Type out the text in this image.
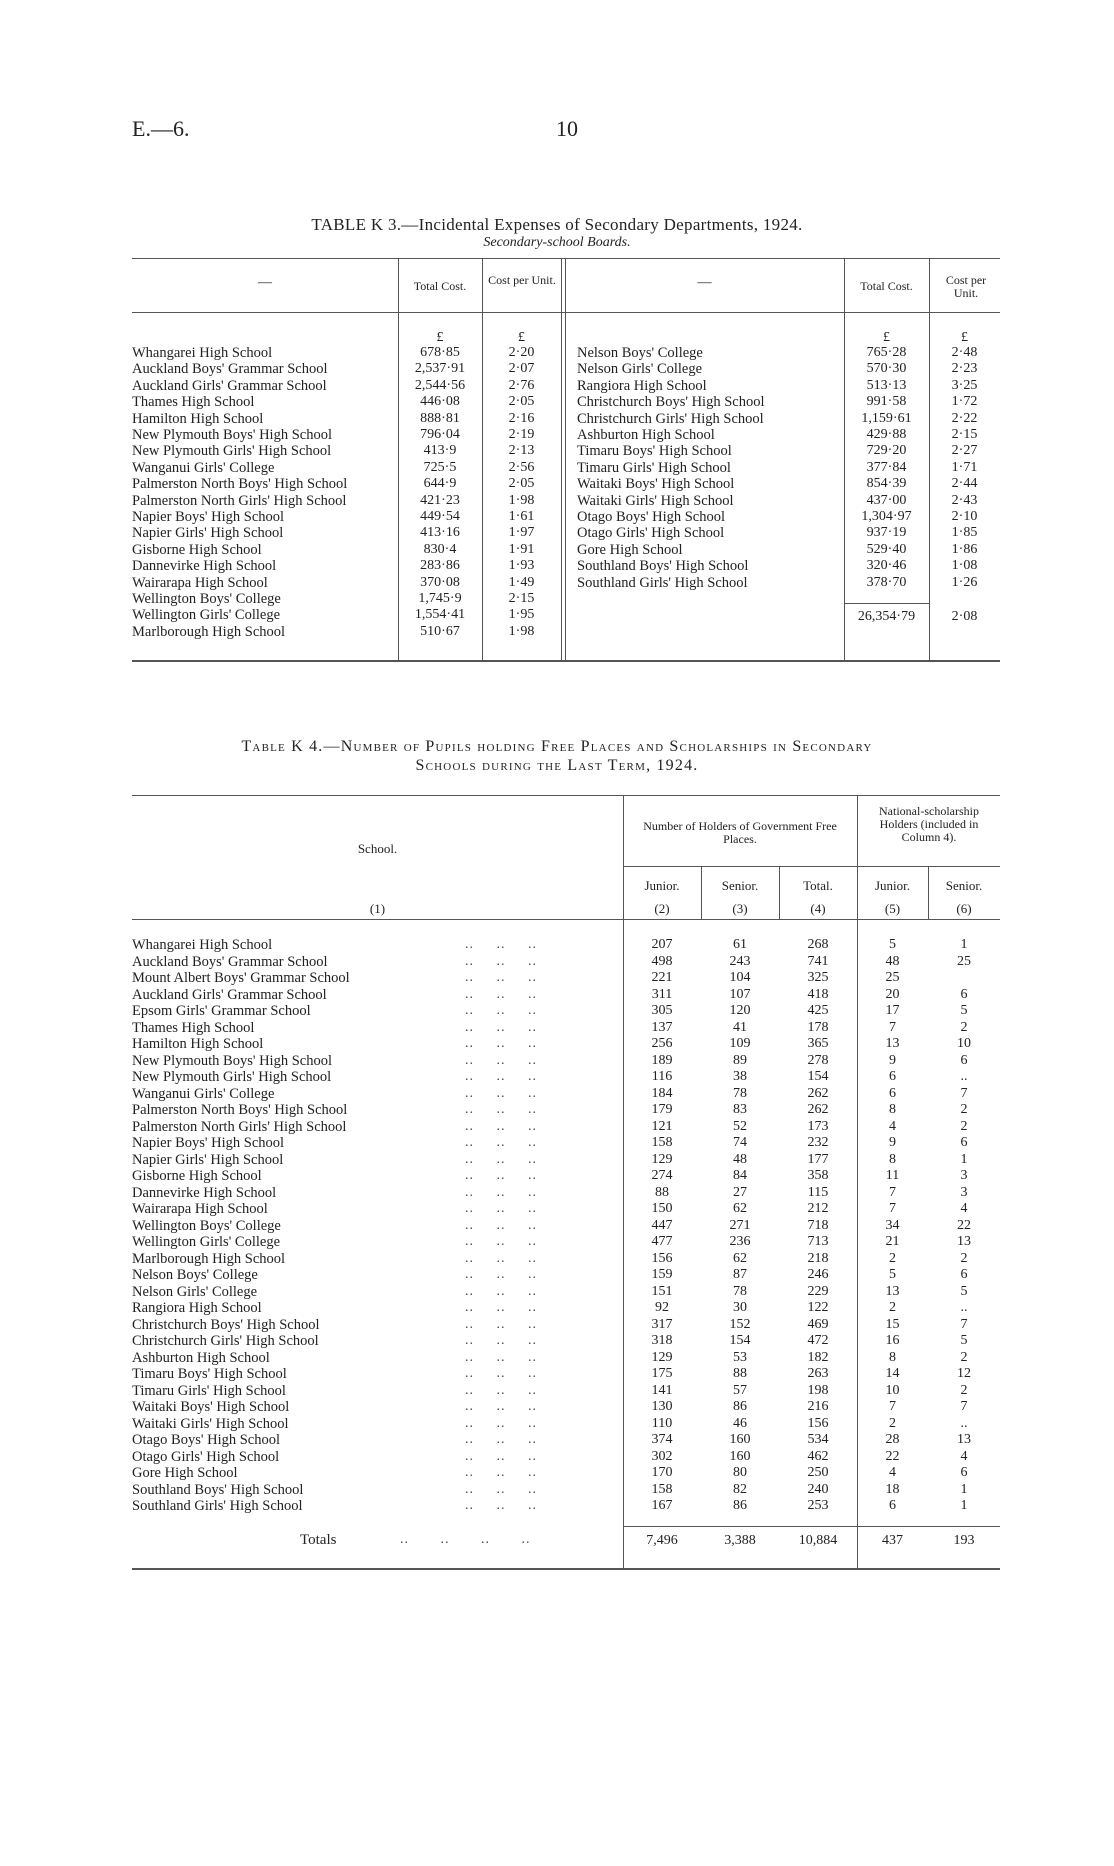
E.—6.	10
TABLE K 3.—Incidental Expenses of Secondary Departments, 1924.
Secondary-school Boards.
—	Total Cost.	Cost per Unit.	—	Total Cost.	Cost per Unit.
£	£	£	£
Whangarei High School	678·85	2·20
Auckland Boys' Grammar School	2,537·91	2·07
Auckland Girls' Grammar School	2,544·56	2·76
Thames High School	446·08	2·05
Hamilton High School	888·81	2·16
New Plymouth Boys' High School	796·04	2·19
New Plymouth Girls' High School	413·9	2·13
Wanganui Girls' College	725·5	2·56
Palmerston North Boys' High School	644·9	2·05
Palmerston North Girls' High School	421·23	1·98
Napier Boys' High School	449·54	1·61
Napier Girls' High School	413·16	1·97
Gisborne High School	830·4	1·91
Dannevirke High School	283·86	1·93
Wairarapa High School	370·08	1·49
Wellington Boys' College	1,745·9	2·15
Wellington Girls' College	1,554·41	1·95
Marlborough High School	510·67	1·98
Nelson Boys' College	765·28	2·48
Nelson Girls' College	570·30	2·23
Rangiora High School	513·13	3·25
Christchurch Boys' High School	991·58	1·72
Christchurch Girls' High School	1,159·61	2·22
Ashburton High School	429·88	2·15
Timaru Boys' High School	729·20	2·27
Timaru Girls' High School	377·84	1·71
Waitaki Boys' High School	854·39	2·44
Waitaki Girls' High School	437·00	2·43
Otago Boys' High School	1,304·97	2·10
Otago Girls' High School	937·19	1·85
Gore High School	529·40	1·86
Southland Boys' High School	320·46	1·08
Southland Girls' High School	378·70	1·26
26,354·79	2·08
Table K 4.—Number of Pupils holding Free Places and Scholarships in Secondary
Schools during the Last Term, 1924.
School.
Number of Holders of Government Free Places.
National-scholarship Holders (included in Column 4).
Junior.	Senior.	Total.	Junior.	Senior.
(1)	(2)	(3)	(4)	(5)	(6)
Whangarei High School	..     ..     ..	207	61	268	5	1
Auckland Boys' Grammar School	..     ..     ..	498	243	741	48	25
Mount Albert Boys' Grammar School	..     ..     ..	221	104	325	25
Auckland Girls' Grammar School	..     ..     ..	311	107	418	20	6
Epsom Girls' Grammar School	..     ..     ..	305	120	425	17	5
Thames High School	..     ..     ..	137	41	178	7	2
Hamilton High School	..     ..     ..	256	109	365	13	10
New Plymouth Boys' High School	..     ..     ..	189	89	278	9	6
New Plymouth Girls' High School	..     ..     ..	116	38	154	6	..
Wanganui Girls' College	..     ..     ..	184	78	262	6	7
Palmerston North Boys' High School	..     ..     ..	179	83	262	8	2
Palmerston North Girls' High School	..     ..     ..	121	52	173	4	2
Napier Boys' High School	..     ..     ..	158	74	232	9	6
Napier Girls' High School	..     ..     ..	129	48	177	8	1
Gisborne High School	..     ..     ..	274	84	358	11	3
Dannevirke High School	..     ..     ..	88	27	115	7	3
Wairarapa High School	..     ..     ..	150	62	212	7	4
Wellington Boys' College	..     ..     ..	447	271	718	34	22
Wellington Girls' College	..     ..     ..	477	236	713	21	13
Marlborough High School	..     ..     ..	156	62	218	2	2
Nelson Boys' College	..     ..     ..	159	87	246	5	6
Nelson Girls' College	..     ..     ..	151	78	229	13	5
Rangiora High School	..     ..     ..	92	30	122	2	..
Christchurch Boys' High School	..     ..     ..	317	152	469	15	7
Christchurch Girls' High School	..     ..     ..	318	154	472	16	5
Ashburton High School	..     ..     ..	129	53	182	8	2
Timaru Boys' High School	..     ..     ..	175	88	263	14	12
Timaru Girls' High School	..     ..     ..	141	57	198	10	2
Waitaki Boys' High School	..     ..     ..	130	86	216	7	7
Waitaki Girls' High School	..     ..     ..	110	46	156	2	..
Otago Boys' High School	..     ..     ..	374	160	534	28	13
Otago Girls' High School	..     ..     ..	302	160	462	22	4
Gore High School	..     ..     ..	170	80	250	4	6
Southland Boys' High School	..     ..     ..	158	82	240	18	1
Southland Girls' High School	..     ..     ..	167	86	253	6	1
Totals	..       ..       ..       ..	7,496	3,388	10,884	437	193
